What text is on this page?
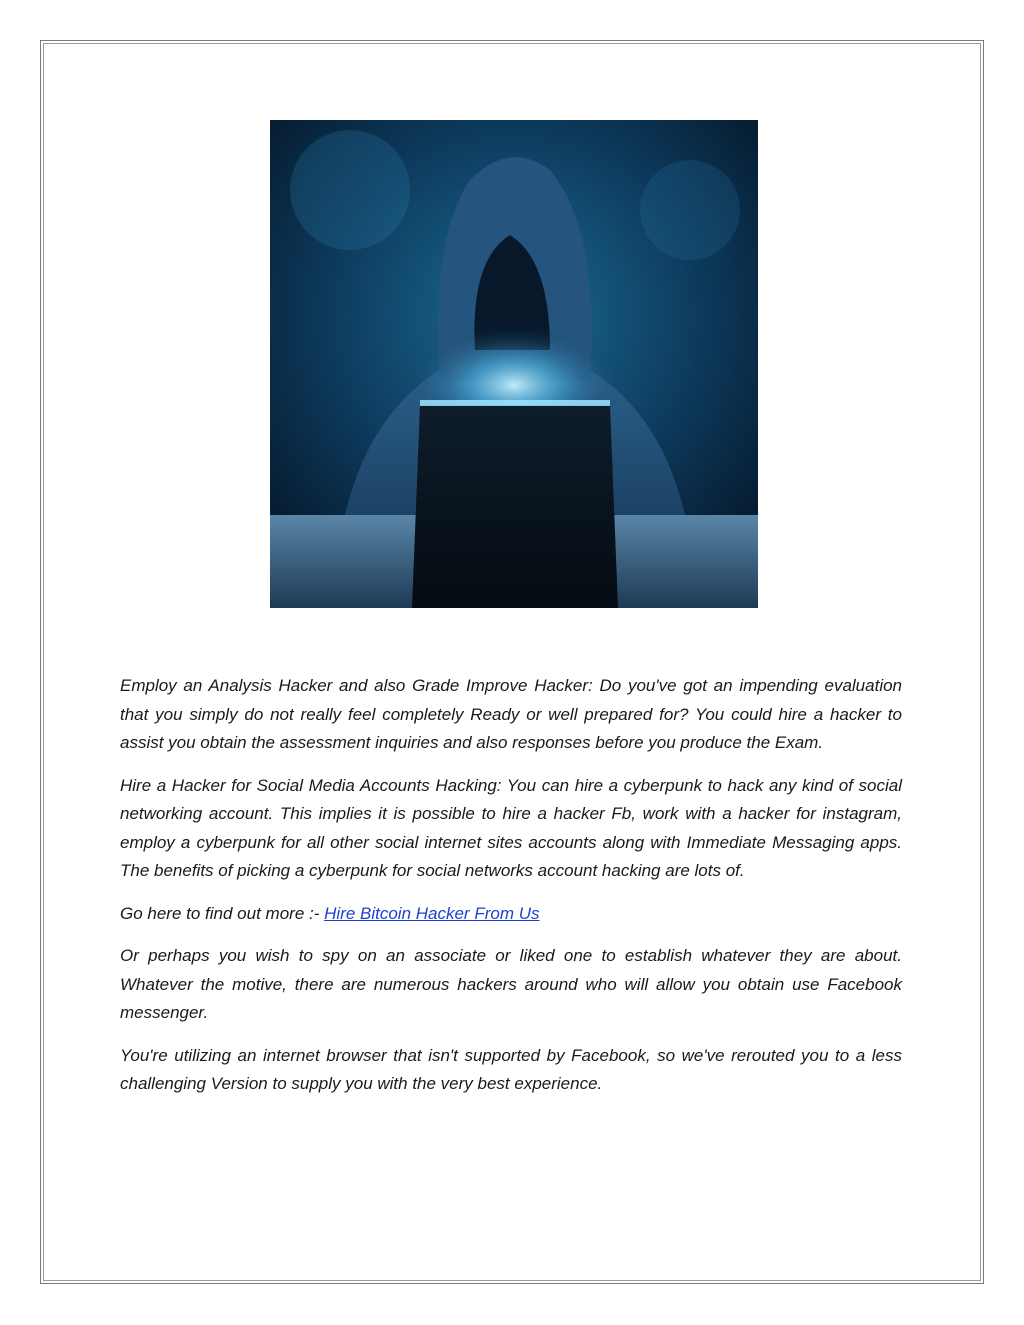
Employ an Analysis Hacker and also Grade Improve Hacker: Do you've got an impending evaluation that you simply do not really feel completely Ready or well prepared for? You could hire a hacker to assist you obtain the assessment inquiries and also responses before you produce the Exam.

Hire a Hacker for Social Media Accounts Hacking: You can hire a cyberpunk to hack any kind of social networking account. This implies it is possible to hire a hacker Fb, work with a hacker for instagram, employ a cyberpunk for all other social internet sites accounts along with Immediate Messaging apps. The benefits of picking a cyberpunk for social networks account hacking are lots of.

Go here to find out more :- Hire Bitcoin Hacker From Us

Or perhaps you wish to spy on an associate or liked one to establish whatever they are about. Whatever the motive, there are numerous hackers around who will allow you obtain use Facebook messenger.

You're utilizing an internet browser that isn't supported by Facebook, so we've rerouted you to a less challenging Version to supply you with the very best experience.
